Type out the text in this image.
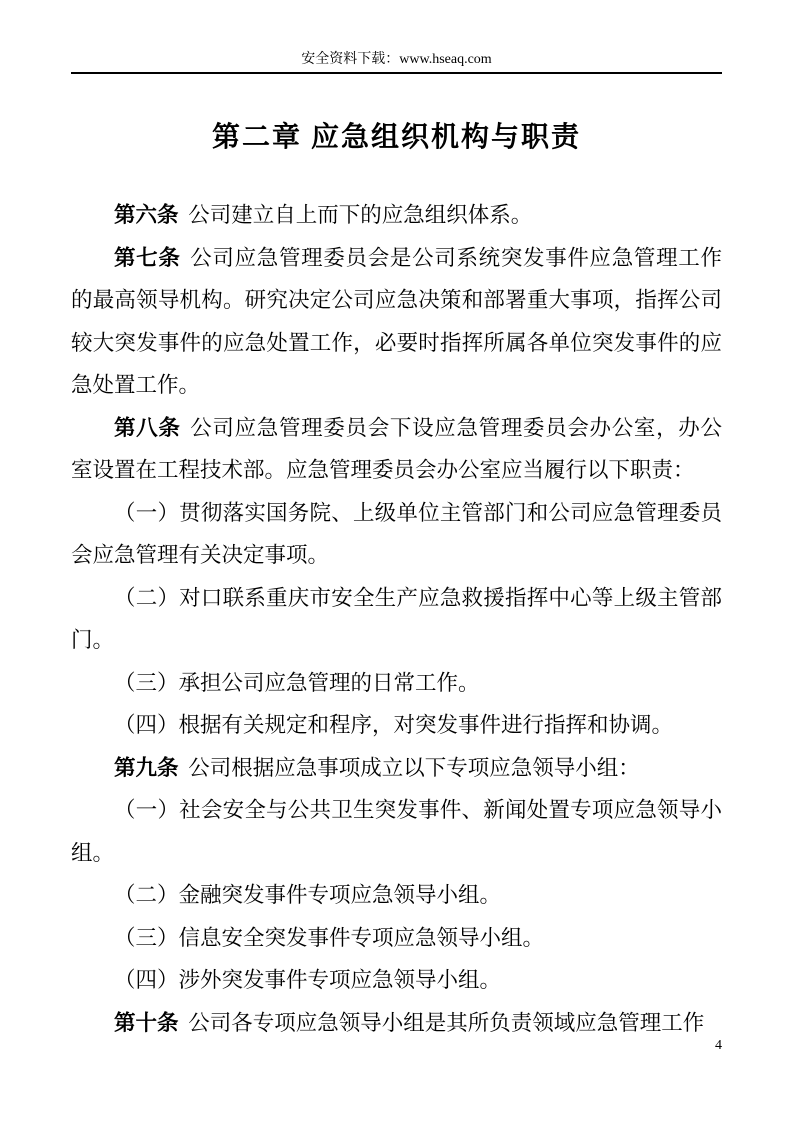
安全资料下载：www.hseaq.com
第二章 应急组织机构与职责

第六条 公司建立自上而下的应急组织体系。

第七条 公司应急管理委员会是公司系统突发事件应急管理工作的最高领导机构。研究决定公司应急决策和部署重大事项，指挥公司较大突发事件的应急处置工作，必要时指挥所属各单位突发事件的应急处置工作。

第八条 公司应急管理委员会下设应急管理委员会办公室，办公室设置在工程技术部。应急管理委员会办公室应当履行以下职责：

（一）贯彻落实国务院、上级单位主管部门和公司应急管理委员会应急管理有关决定事项。

（二）对口联系重庆市安全生产应急救援指挥中心等上级主管部门。

（三）承担公司应急管理的日常工作。

（四）根据有关规定和程序，对突发事件进行指挥和协调。

第九条 公司根据应急事项成立以下专项应急领导小组：

（一）社会安全与公共卫生突发事件、新闻处置专项应急领导小组。

（二）金融突发事件专项应急领导小组。

（三）信息安全突发事件专项应急领导小组。

（四）涉外突发事件专项应急领导小组。

第十条 公司各专项应急领导小组是其所负责领域应急管理工作

4
